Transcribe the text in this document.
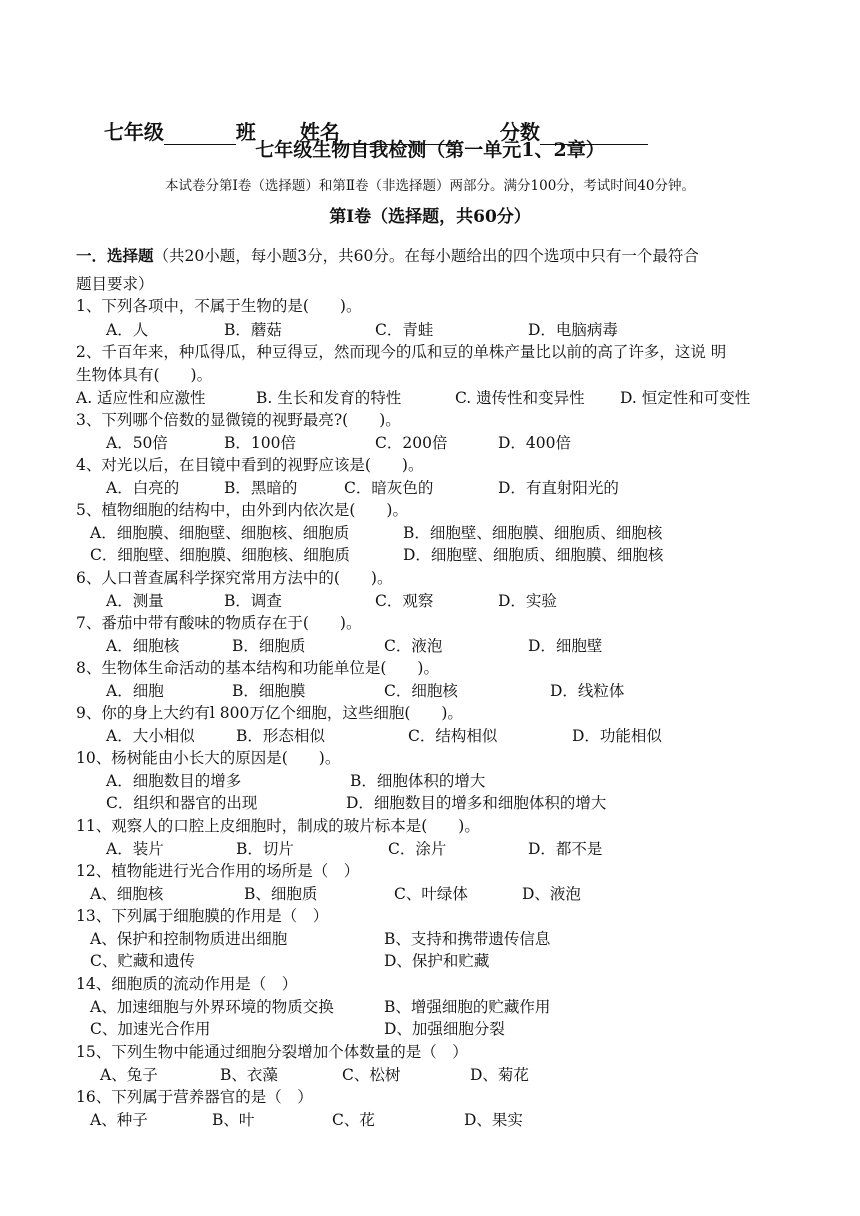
七年级	班 姓名	分数

七年级生物自我检测（第一单元1、2章）
本试卷分第Ⅰ卷（选择题）和第Ⅱ卷（非选择题）两部分。满分100分，考试时间40分钟。
第Ⅰ卷（选择题，共60分）
一．选择题（共20小题，每小题3分，共60分。在每小题给出的四个选项中只有一个最符合
题目要求）
1、下列各项中，不属于生物的是(　　)。
A．人	B．蘑菇	C．青蛙	D．电脑病毒
2、千百年来，种瓜得瓜，种豆得豆，然而现今的瓜和豆的单株产量比以前的高了许多，这说 明
生物体具有(　　)。
A. 适应性和应激性	B. 生长和发育的特性	C. 遗传性和变异性 D. 恒定性和可变性
3、下列哪个倍数的显微镜的视野最亮?(　　)。
A．50倍	B．100倍	C．200倍	D．400倍
4、对光以后，在目镜中看到的视野应该是(　　)。
A．白亮的	B．黑暗的	C．暗灰色的	D．有直射阳光的
5、植物细胞的结构中，由外到内依次是(　　)。
A．细胞膜、细胞壁、细胞核、细胞质	B．细胞壁、细胞膜、细胞质、细胞核
C．细胞壁、细胞膜、细胞核、细胞质	D．细胞壁、细胞质、细胞膜、细胞核
6、人口普查属科学探究常用方法中的(　　)。
A．测量	B．调查	C．观察	D．实验
7、番茄中带有酸味的物质存在于(　　)。
A．细胞核	B．细胞质	C．液泡	D．细胞壁
8、生物体生命活动的基本结构和功能单位是(　　)。
A．细胞	B．细胞膜	C．细胞核	D．线粒体
9、你的身上大约有l 800万亿个细胞，这些细胞(　　)。
A．大小相似	B．形态相似	C．结构相似	D．功能相似
10、杨树能由小长大的原因是(　　)。
A．细胞数目的增多	B．细胞体积的增大
C．组织和器官的出现	D．细胞数目的增多和细胞体积的增大
11、观察人的口腔上皮细胞时，制成的玻片标本是(　　)。
A．装片	B．切片	C．涂片	D．都不是
12、植物能进行光合作用的场所是（　）
A、细胞核	B、细胞质	C、叶绿体	D、液泡
13、下列属于细胞膜的作用是（　）
A、保护和控制物质进出细胞	B、支持和携带遗传信息
C、贮藏和遗传	D、保护和贮藏
14、细胞质的流动作用是（　）
A、加速细胞与外界环境的物质交换	B、增强细胞的贮藏作用
C、加速光合作用	D、加强细胞分裂
15、下列生物中能通过细胞分裂增加个体数量的是（　）
A、兔子	B、衣藻	C、松树	D、菊花
16、下列属于营养器官的是（　）
A、种子	B、叶	C、花	D、果实
